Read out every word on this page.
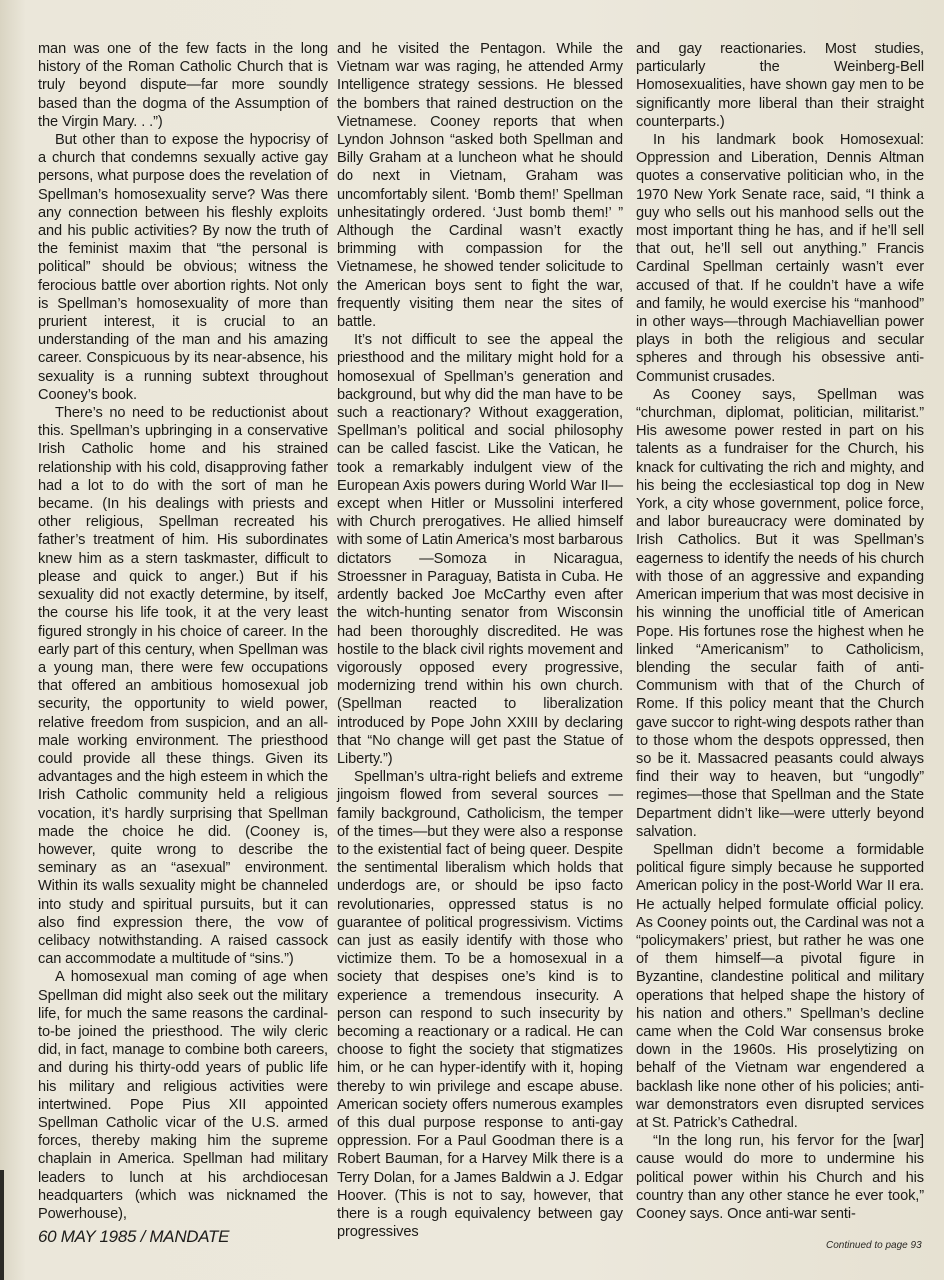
man was one of the few facts in the long history of the Roman Catholic Church that is truly beyond dispute—far more soundly based than the dogma of the Assumption of the Virgin Mary. . .”)

But other than to expose the hypocrisy of a church that condemns sexually active gay persons, what purpose does the revelation of Spellman’s homosexuality serve? Was there any connection between his fleshly exploits and his public activities? By now the truth of the feminist maxim that “the personal is political” should be obvious; witness the ferocious battle over abortion rights. Not only is Spellman’s homosexuality of more than prurient interest, it is crucial to an understanding of the man and his amazing career. Conspicuous by its near-absence, his sexuality is a running subtext throughout Cooney’s book.

There’s no need to be reductionist about this. Spellman’s upbringing in a conservative Irish Catholic home and his strained relationship with his cold, disapproving father had a lot to do with the sort of man he became. (In his dealings with priests and other religious, Spellman recreated his father’s treatment of him. His subordinates knew him as a stern taskmaster, difficult to please and quick to anger.) But if his sexuality did not exactly determine, by itself, the course his life took, it at the very least figured strongly in his choice of career. In the early part of this century, when Spellman was a young man, there were few occupations that offered an ambitious homosexual job security, the opportunity to wield power, relative freedom from suspicion, and an all-male working environment. The priesthood could provide all these things. Given its advantages and the high esteem in which the Irish Catholic community held a religious vocation, it’s hardly surprising that Spellman made the choice he did. (Cooney is, however, quite wrong to describe the seminary as an “asexual” environment. Within its walls sexuality might be channeled into study and spiritual pursuits, but it can also find expression there, the vow of celibacy notwithstanding. A raised cassock can accommodate a multitude of “sins.”)

A homosexual man coming of age when Spellman did might also seek out the military life, for much the same reasons the cardinal-to-be joined the priesthood. The wily cleric did, in fact, manage to combine both careers, and during his thirty-odd years of public life his military and religious activities were intertwined. Pope Pius XII appointed Spellman Catholic vicar of the U.S. armed forces, thereby making him the supreme chaplain in America. Spellman had military leaders to lunch at his archdiocesan headquarters (which was nicknamed the Powerhouse),

and he visited the Pentagon. While the Vietnam war was raging, he attended Army Intelligence strategy sessions. He blessed the bombers that rained destruction on the Vietnamese. Cooney reports that when Lyndon Johnson “asked both Spellman and Billy Graham at a luncheon what he should do next in Vietnam, Graham was uncomfortably silent. ‘Bomb them!’ Spellman unhesitatingly ordered. ‘Just bomb them!’ ” Although the Cardinal wasn’t exactly brimming with compassion for the Vietnamese, he showed tender solicitude to the American boys sent to fight the war, frequently visiting them near the sites of battle.

It’s not difficult to see the appeal the priesthood and the military might hold for a homosexual of Spellman’s generation and background, but why did the man have to be such a reactionary? Without exaggeration, Spellman’s political and social philosophy can be called fascist. Like the Vatican, he took a remarkably indulgent view of the European Axis powers during World War II—except when Hitler or Mussolini interfered with Church prerogatives. He allied himself with some of Latin America’s most barbarous dictators —Somoza in Nicaragua, Stroessner in Paraguay, Batista in Cuba. He ardently backed Joe McCarthy even after the witch-hunting senator from Wisconsin had been thoroughly discredited. He was hostile to the black civil rights movement and vigorously opposed every progressive, modernizing trend within his own church. (Spellman reacted to liberalization introduced by Pope John XXIII by declaring that “No change will get past the Statue of Liberty.”)

Spellman’s ultra-right beliefs and extreme jingoism flowed from several sources —family background, Catholicism, the temper of the times—but they were also a response to the existential fact of being queer. Despite the sentimental liberalism which holds that underdogs are, or should be ipso facto revolutionaries, oppressed status is no guarantee of political progressivism. Victims can just as easily identify with those who victimize them. To be a homosexual in a society that despises one’s kind is to experience a tremendous insecurity. A person can respond to such insecurity by becoming a reactionary or a radical. He can choose to fight the society that stigmatizes him, or he can hyper-identify with it, hoping thereby to win privilege and escape abuse. American society offers numerous examples of this dual purpose response to anti-gay oppression. For a Paul Goodman there is a Robert Bauman, for a Harvey Milk there is a Terry Dolan, for a James Baldwin a J. Edgar Hoover. (This is not to say, however, that there is a rough equivalency between gay progressives

and gay reactionaries. Most studies, particularly the Weinberg-Bell Homosexualities, have shown gay men to be significantly more liberal than their straight counterparts.)

In his landmark book Homosexual: Oppression and Liberation, Dennis Altman quotes a conservative politician who, in the 1970 New York Senate race, said, “I think a guy who sells out his manhood sells out the most important thing he has, and if he’ll sell that out, he’ll sell out anything.” Francis Cardinal Spellman certainly wasn’t ever accused of that. If he couldn’t have a wife and family, he would exercise his “manhood” in other ways—through Machiavellian power plays in both the religious and secular spheres and through his obsessive anti-Communist crusades.

As Cooney says, Spellman was “churchman, diplomat, politician, militarist.” His awesome power rested in part on his talents as a fundraiser for the Church, his knack for cultivating the rich and mighty, and his being the ecclesiastical top dog in New York, a city whose government, police force, and labor bureaucracy were dominated by Irish Catholics. But it was Spellman’s eagerness to identify the needs of his church with those of an aggressive and expanding American imperium that was most decisive in his winning the unofficial title of American Pope. His fortunes rose the highest when he linked “Americanism” to Catholicism, blending the secular faith of anti-Communism with that of the Church of Rome. If this policy meant that the Church gave succor to right-wing despots rather than to those whom the despots oppressed, then so be it. Massacred peasants could always find their way to heaven, but “ungodly” regimes—those that Spellman and the State Department didn’t like—were utterly beyond salvation.

Spellman didn’t become a formidable political figure simply because he supported American policy in the post-World War II era. He actually helped formulate official policy. As Cooney points out, the Cardinal was not a “policymakers’ priest, but rather he was one of them himself—a pivotal figure in Byzantine, clandestine political and military operations that helped shape the history of his nation and others.” Spellman’s decline came when the Cold War consensus broke down in the 1960s. His proselytizing on behalf of the Vietnam war engendered a backlash like none other of his policies; anti-war demonstrators even disrupted services at St. Patrick’s Cathedral.

“In the long run, his fervor for the [war] cause would do more to undermine his political power within his Church and his country than any other stance he ever took,” Cooney says. Once anti-war senti-

Continued to page 93
60 MAY 1985 / MANDATE
